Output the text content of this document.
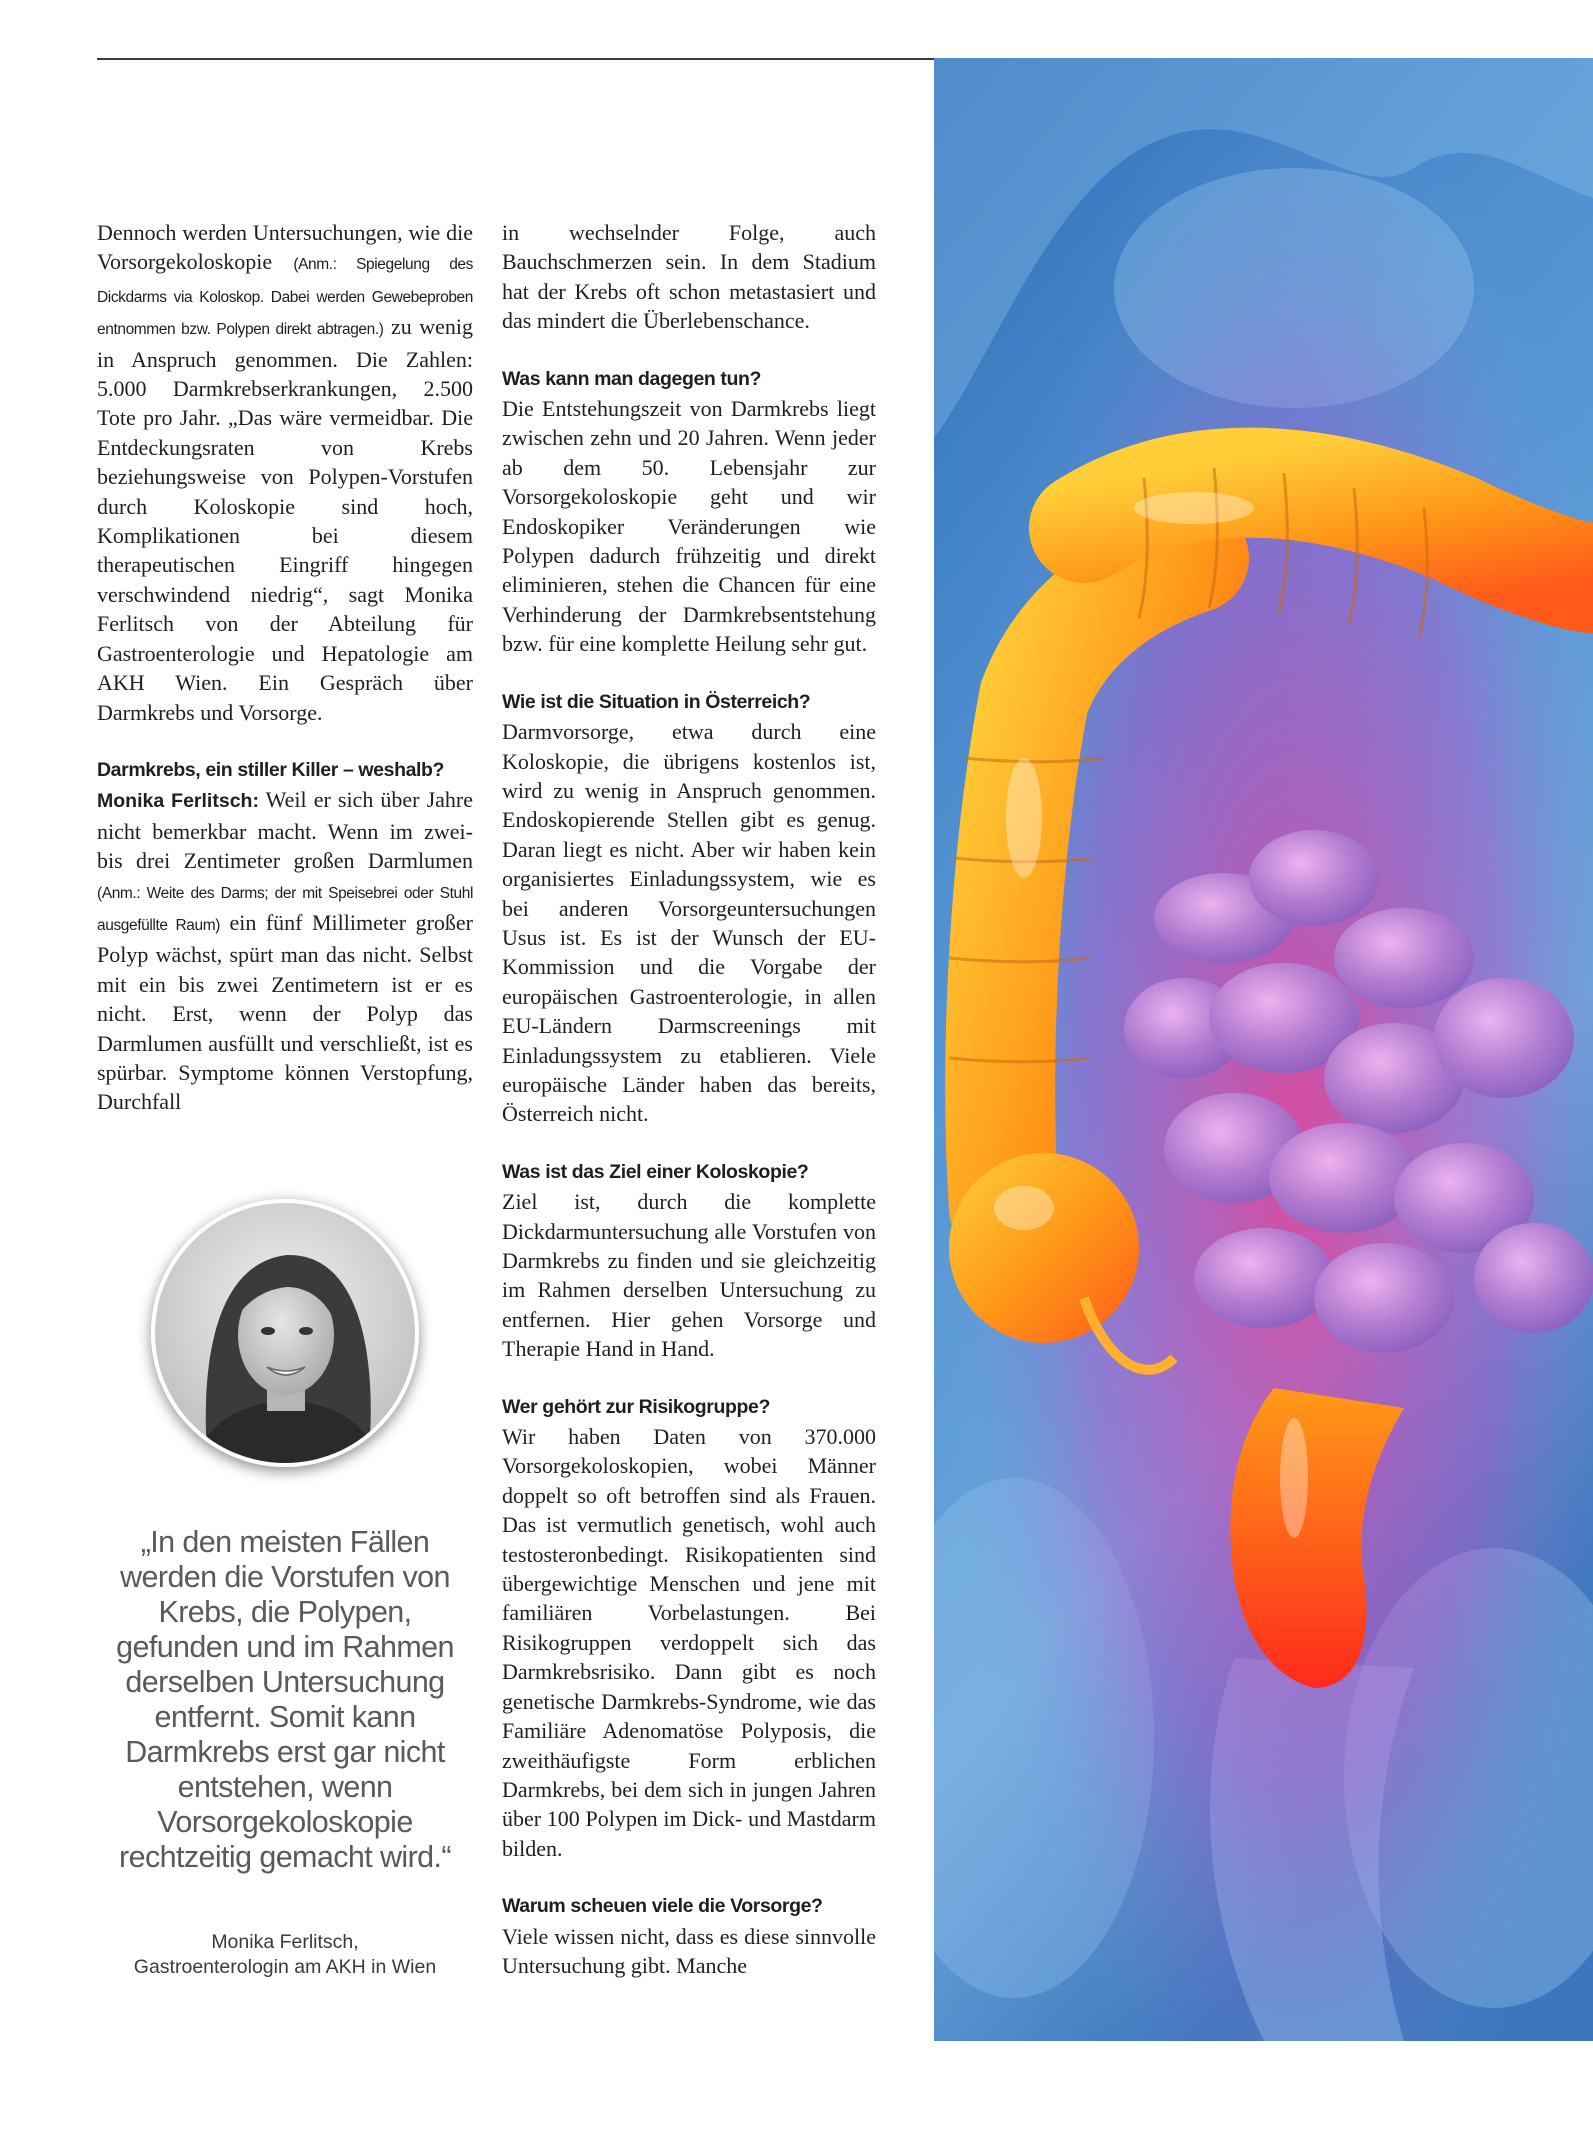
Dennoch werden Untersuchungen, wie die Vorsorgekoloskopie (Anm.: Spiegelung des Dickdarms via Koloskop. Dabei werden Gewebeproben entnommen bzw. Polypen direkt abtragen.) zu wenig in Anspruch genommen. Die Zahlen: 5.000 Darmkrebserkrankungen, 2.500 Tote pro Jahr. „Das wäre vermeidbar. Die Entdeckungsraten von Krebs beziehungsweise von Polypen-Vorstufen durch Koloskopie sind hoch, Komplikationen bei diesem therapeutischen Eingriff hingegen verschwindend niedrig“, sagt Monika Ferlitsch von der Abteilung für Gastroenterologie und Hepatologie am AKH Wien. Ein Gespräch über Darmkrebs und Vorsorge.

Darmkrebs, ein stiller Killer – weshalb?
Monika Ferlitsch: Weil er sich über Jahre nicht bemerkbar macht. Wenn im zwei- bis drei Zentimeter großen Darmlumen (Anm.: Weite des Darms; der mit Speisebrei oder Stuhl ausgefüllte Raum) ein fünf Millimeter großer Polyp wächst, spürt man das nicht. Selbst mit ein bis zwei Zentimetern ist er es nicht. Erst, wenn der Polyp das Darmlumen ausfüllt und verschließt, ist es spürbar. Symptome können Verstopfung, Durchfall

„In den meisten Fällen werden die Vorstufen von Krebs, die Polypen, gefunden und im Rahmen derselben Untersuchung entfernt. Somit kann Darmkrebs erst gar nicht entstehen, wenn Vorsorgekoloskopie rechtzeitig gemacht wird.“
Monika Ferlitsch,
Gastroenterologin am AKH in Wien

in wechselnder Folge, auch Bauchschmerzen sein. In dem Stadium hat der Krebs oft schon metastasiert und das mindert die Überlebenschance.

Was kann man dagegen tun?
Die Entstehungszeit von Darmkrebs liegt zwischen zehn und 20 Jahren. Wenn jeder ab dem 50. Lebensjahr zur Vorsorgekoloskopie geht und wir Endoskopiker Veränderungen wie Polypen dadurch frühzeitig und direkt eliminieren, stehen die Chancen für eine Verhinderung der Darmkrebsentstehung bzw. für eine komplette Heilung sehr gut.

Wie ist die Situation in Österreich?
Darmvorsorge, etwa durch eine Koloskopie, die übrigens kostenlos ist, wird zu wenig in Anspruch genommen. Endoskopierende Stellen gibt es genug. Daran liegt es nicht. Aber wir haben kein organisiertes Einladungssystem, wie es bei anderen Vorsorgeuntersuchungen Usus ist. Es ist der Wunsch der EU-Kommission und die Vorgabe der europäischen Gastroenterologie, in allen EU-Ländern Darmscreenings mit Einladungssystem zu etablieren. Viele europäische Länder haben das bereits, Österreich nicht.

Was ist das Ziel einer Koloskopie?
Ziel ist, durch die komplette Dickdarmuntersuchung alle Vorstufen von Darmkrebs zu finden und sie gleichzeitig im Rahmen derselben Untersuchung zu entfernen. Hier gehen Vorsorge und Therapie Hand in Hand.

Wer gehört zur Risikogruppe?
Wir haben Daten von 370.000 Vorsorgekoloskopien, wobei Männer doppelt so oft betroffen sind als Frauen. Das ist vermutlich genetisch, wohl auch testosteronbedingt. Risikopatienten sind übergewichtige Menschen und jene mit familiären Vorbelastungen. Bei Risikogruppen verdoppelt sich das Darmkrebsrisiko. Dann gibt es noch genetische Darmkrebs-Syndrome, wie das Familiäre Adenomatöse Polyposis, die zweithäufigste Form erblichen Darmkrebs, bei dem sich in jungen Jahren über 100 Polypen im Dick- und Mastdarm bilden.

Warum scheuen viele die Vorsorge?
Viele wissen nicht, dass es diese sinnvolle Untersuchung gibt. Manche
